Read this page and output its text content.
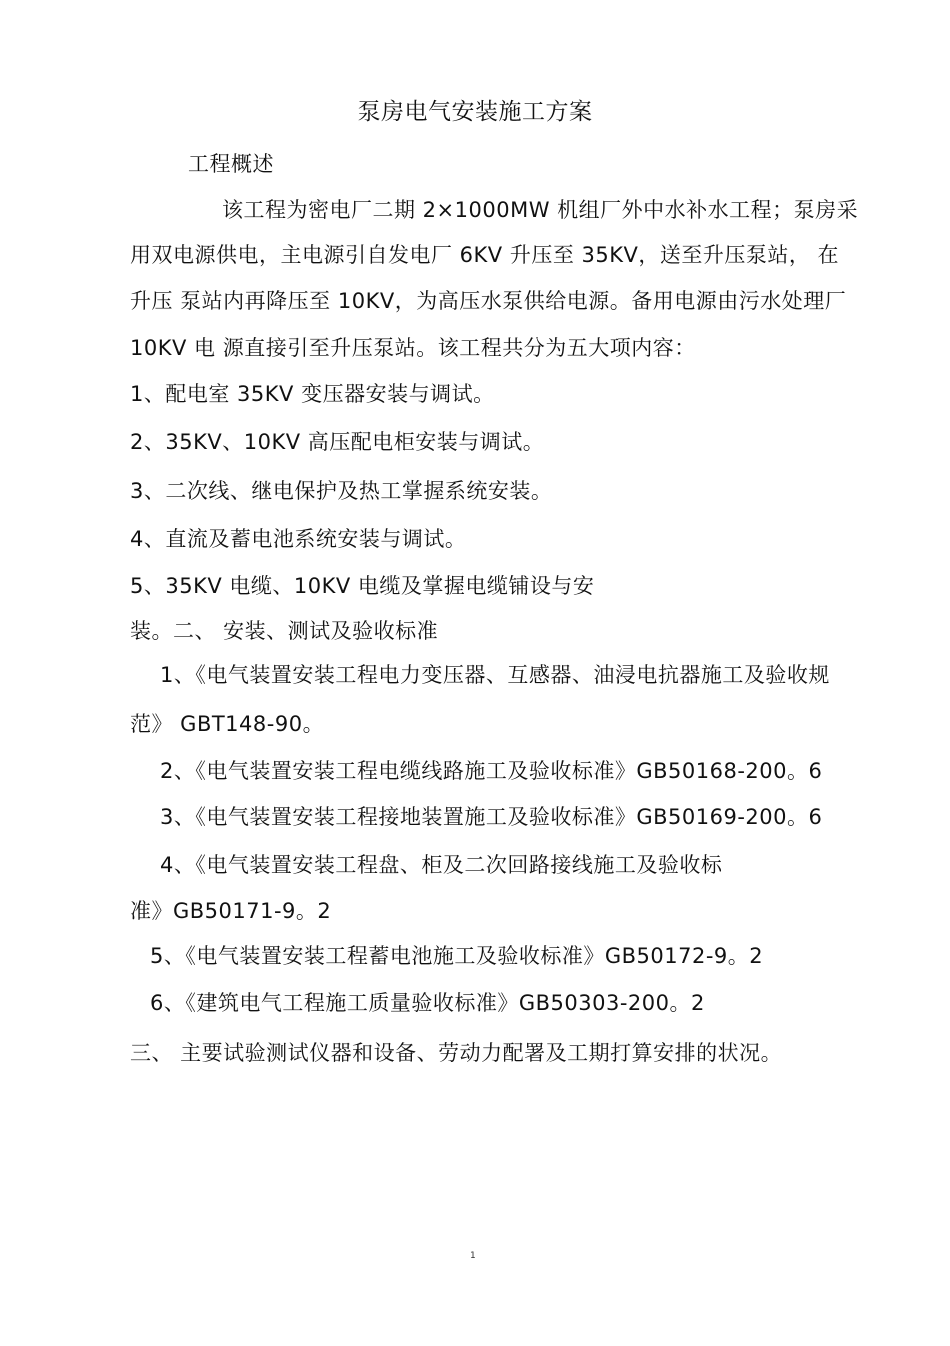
泵房电气安装施工方案
工程概述
该工程为密电厂二期 2×1000MW 机组厂外中水补水工程；泵房采
用双电源供电，主电源引自发电厂 6KV 升压至 35KV，送至升压泵站， 在
升压 泵站内再降压至 10KV，为高压水泵供给电源。备用电源由污水处理厂
10KV 电 源直接引至升压泵站。该工程共分为五大项内容：
1、配电室 35KV 变压器安装与调试。
2、35KV、10KV 高压配电柜安装与调试。
3、二次线、继电保护及热工掌握系统安装。
4、直流及蓄电池系统安装与调试。
5、35KV 电缆、10KV 电缆及掌握电缆铺设与安
装。二、 安装、测试及验收标准
1、《电气装置安装工程电力变压器、互感器、油浸电抗器施工及验收规
范》 GBT148-90。
2、《电气装置安装工程电缆线路施工及验收标准》GB50168-200。6
3、《电气装置安装工程接地装置施工及验收标准》GB50169-200。6
4、《电气装置安装工程盘、柜及二次回路接线施工及验收标
准》GB50171-9。2
5、《电气装置安装工程蓄电池施工及验收标准》GB50172-9。2
6、《建筑电气工程施工质量验收标准》GB50303-200。2
三、 主要试验测试仪器和设备、劳动力配署及工期打算安排的状况。
1
